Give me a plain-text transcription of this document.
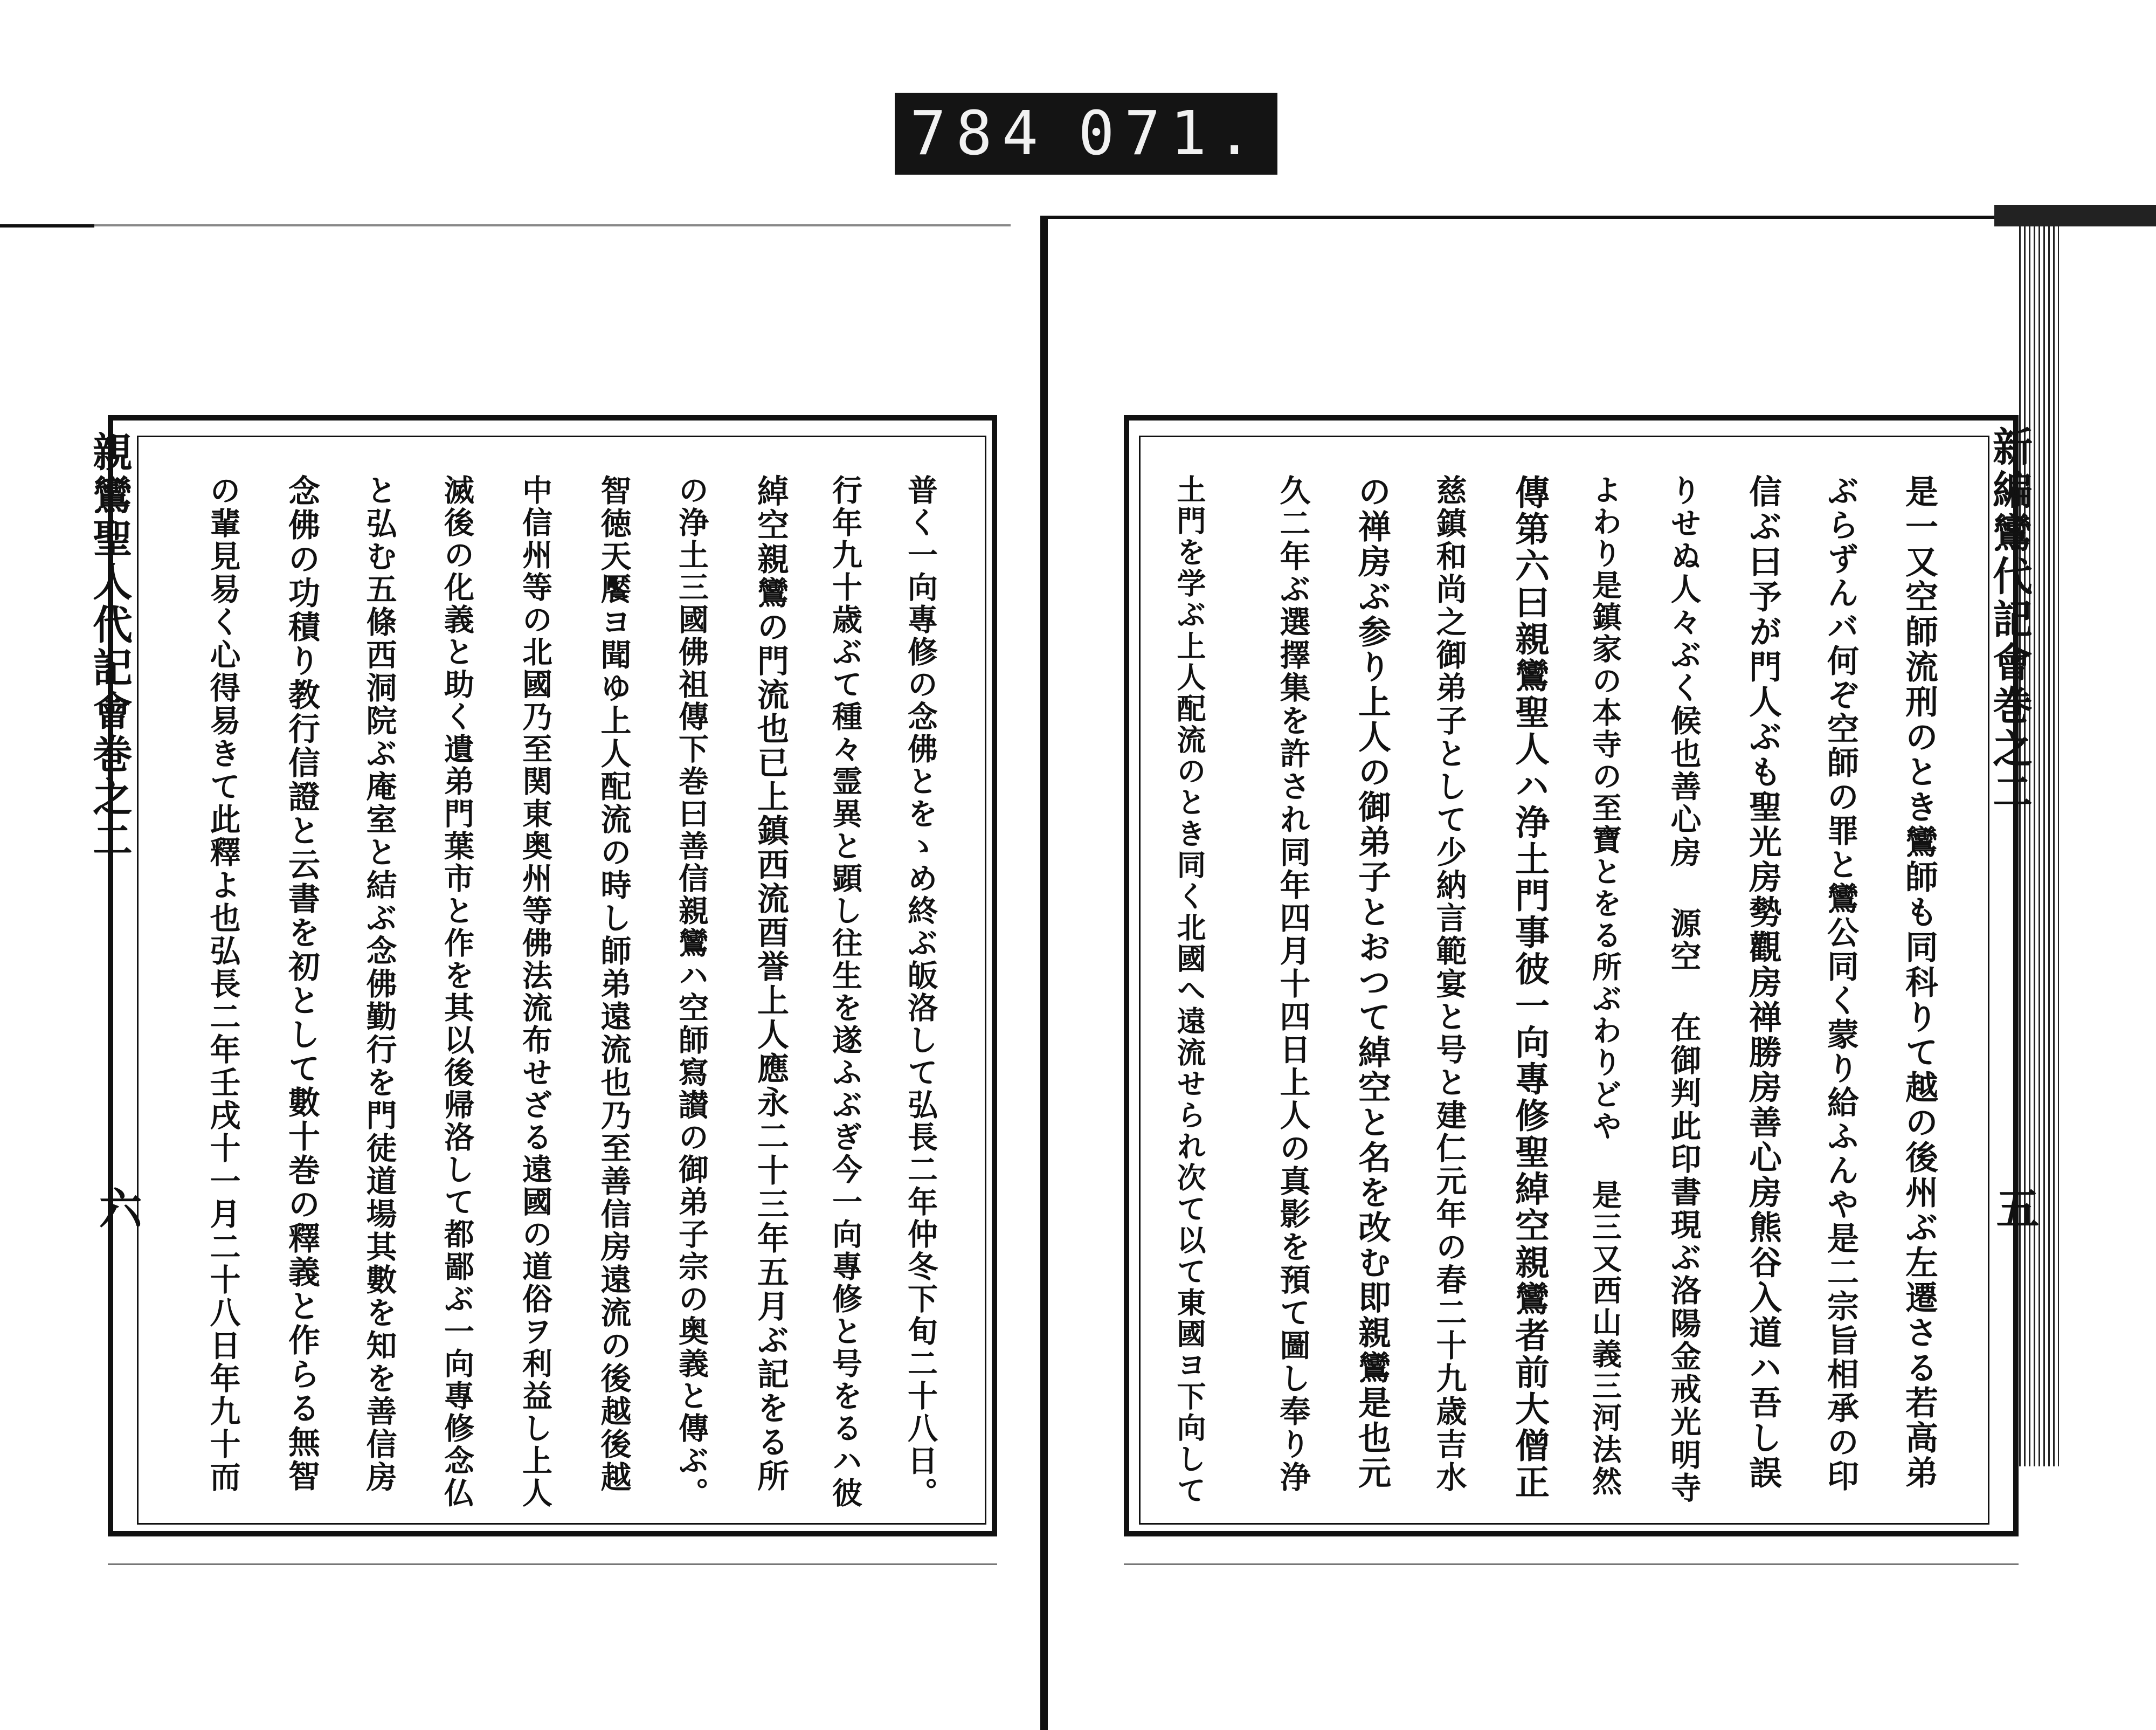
784 071.
親鸞聖人代記會巻之二
六	普く一向專修の念佛とをゝめ終ぶ皈洛して弘長二年仲冬下旬二十八日。
行年九十歳ぶて種々霊異と顕し往生を遂ふぶぎ今一向專修と号をるハ彼
綽空親鸞の門流也已上鎮西流酉誉上人應永二十三年五月ぶ記をる所
の浄土三國佛祖傳下巻曰善信親鸞ハ空師寫讃の御弟子宗の奥義と傳ぶ。
智徳天饜ヨ聞ゆ上人配流の時し師弟遠流也乃至善信房遠流の後越後越
中信州等の北國乃至関東奥州等佛法流布せざる遠國の道俗ヲ利益し上人
滅後の化義と助く遺弟門葉市と作を其以後帰洛して都鄙ぶ一向專修念仏
と弘む五條西洞院ぶ庵室と結ぶ念佛勤行を門徒道場其數を知を善信房
念佛の功積り教行信證と云書を初として數十巻の釋義と作らる無智
の輩見易く心得易きて此釋よ也弘長二年壬戌十一月二十八日年九十而	新編鸞代記會巻之二
五
是一又空師流刑のとき鸞師も同科りて越の後州ぶ左遷さる若高弟
ぶらずんバ何ぞ空師の罪と鸞公同く蒙り給ふんや是二宗旨相承の印
信ぶ曰予が門人ぶも聖光房勢觀房禅勝房善心房熊谷入道ハ吾し誤
りせぬ人々ぶく候也善心房 源空 在御判此印書現ぶ洛陽金戒光明寺
よわり是鎮家の本寺の至寶とをる所ぶわりどや 是三又西山義三河法然
傳第六曰親鸞聖人ハ浄土門事彼一向專修聖綽空親鸞者前大僧正
慈鎮和尚之御弟子として少納言範宴と号と建仁元年の春二十九歳吉水
の禅房ぶ参り上人の御弟子とおつて綽空と名を改む即親鸞是也元
久二年ぶ選擇集を許され同年四月十四日上人の真影を預て圖し奉り浄
土門を学ぶ上人配流のとき同く北國へ遠流せられ次て以て東國ヨ下向して
